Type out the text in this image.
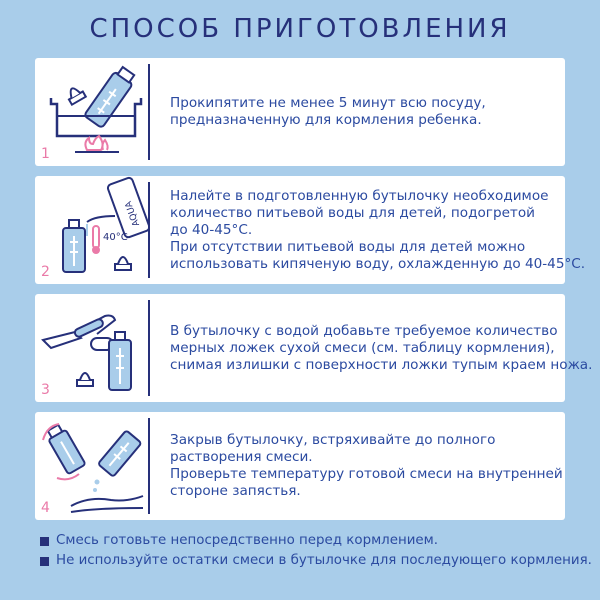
СПОСОБ ПРИГОТОВЛЕНИЯ
1
Прокипятите не менее 5 минут всю посуду,
предназначенную для кормления ребенка.
AQUA
40°C
2
Налейте в подготовленную бутылочку необходимое
количество питьевой воды для детей, подогретой
до 40-45°С.
При отсутствии питьевой воды для детей можно
использовать кипяченую воду, охлажденную до 40-45°С.
3
В бутылочку с водой добавьте требуемое количество
мерных ложек сухой смеси (см. таблицу кормления),
снимая излишки с поверхности ложки тупым краем ножа.
4
Закрыв бутылочку, встряхивайте до полного
растворения смеси.
Проверьте температуру готовой смеси на внутренней
стороне запястья.
Смесь готовьте непосредственно перед кормлением.
Не используйте остатки смеси в бутылочке для последующего кормления.
